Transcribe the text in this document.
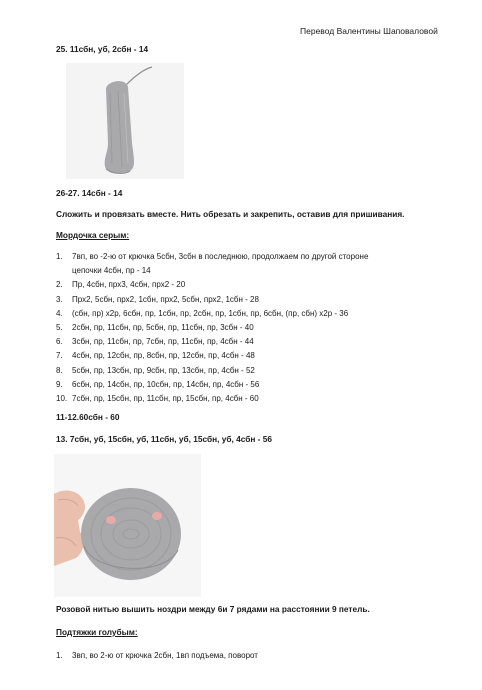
Перевод Валентины Шаповаловой
25. 11сбн, уб, 2сбн - 14
26-27. 14сбн - 14
Сложить и провязать вместе. Нить обрезать и закрепить, оставив для пришивания.
Мордочка серым:
1. 7вп, во -2-ю от крючка 5сбн, 3сбн в последнюю, продолжаем по другой стороне
цепочки 4сбн, пр - 14
2. Пр, 4сбн, прх3, 4сбн, прх2 - 20
3. Прх2, 5сбн, прх2, 1сбн, прх2, 5сбн, прх2, 1сбн - 28
4. (сбн, пр) х2р, 6сбн, пр, 1сбн, пр, 2сбн, пр, 1сбн, пр, 6сбн, (пр, сбн) х2р - 36
5. 2сбн, пр, 11сбн, пр, 5сбн, пр, 11сбн, пр, 3сбн - 40
6. 3сбн, пр, 11сбн, пр, 7сбн, пр, 11сбн, пр, 4сбн - 44
7. 4сбн, пр, 12сбн, пр, 8сбн, пр, 12сбн, пр, 4сбн - 48
8. 5сбн, пр, 13сбн, пр, 9сбн, пр, 13сбн, пр, 4сбн - 52
9. 6сбн, пр, 14сбн, пр, 10сбн, пр, 14сбн, пр, 4сбн - 56
10. 7сбн, пр, 15сбн, пр, 11сбн, пр, 15сбн, пр, 4сбн - 60
11-12.60сбн - 60
13. 7сбн, уб, 15сбн, уб, 11сбн, уб, 15сбн, уб, 4сбн - 56
Розовой нитью вышить ноздри между 6и 7 рядами на расстоянии 9 петель.
Подтяжки голубым:
1. 3вп, во 2-ю от крючка 2сбн, 1вп подъема, поворот
